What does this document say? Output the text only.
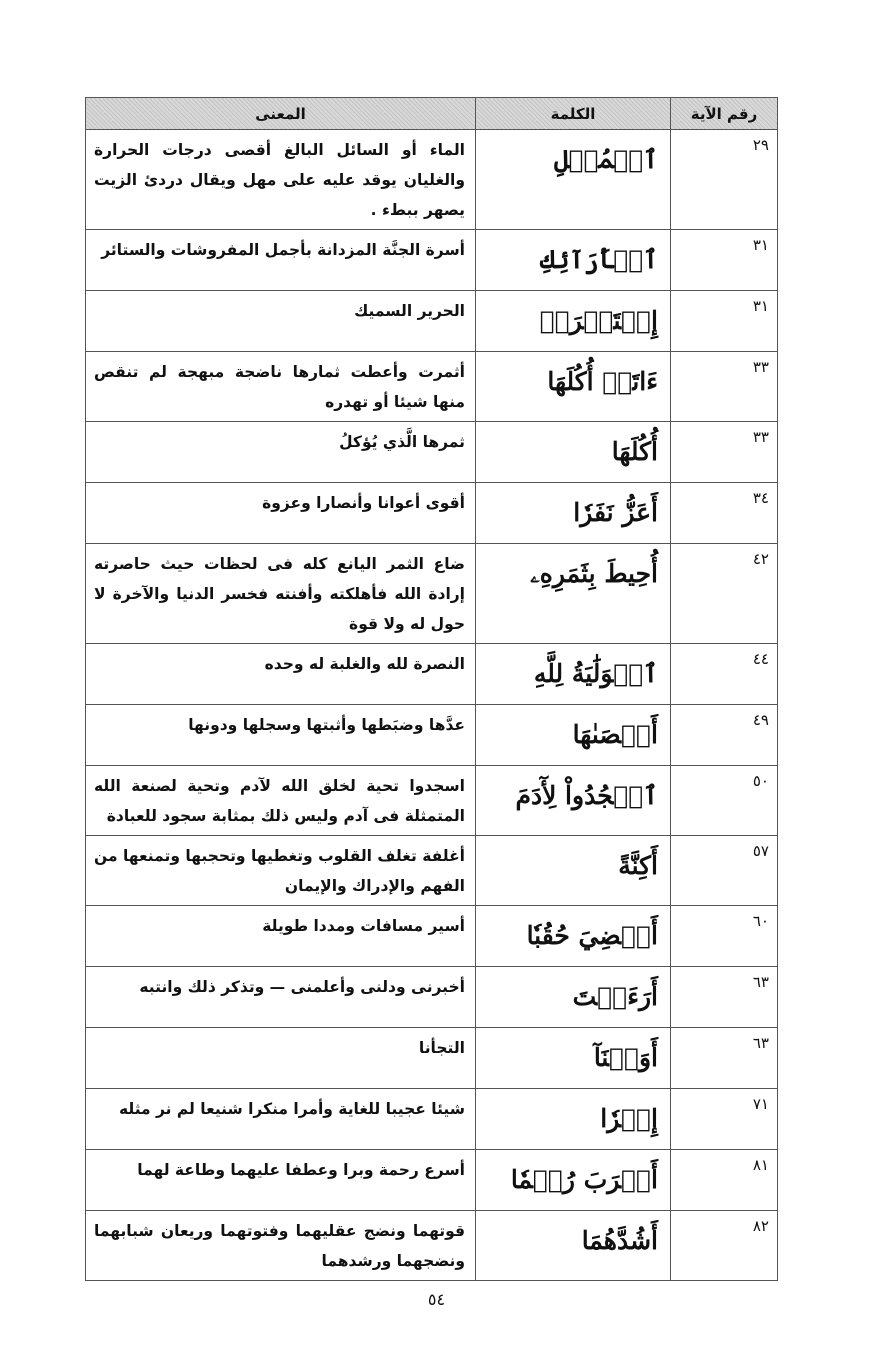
رقم الآية	الكلمة	المعنى
٢٩	ٱلۡمُهۡلِ	الماء أو السائل البالغ أقصى درجات الحرارة والغليان يوقد عليه على مهل ويقال دردئ الزيت يصهر ببطء .
٣١	ٱلۡأَرَآئِكِ	أسرة الجنَّة المزدانة بأجمل المفروشات والستائر
٣١	إِسۡتَبۡرَقٖ	الحرير السميك
٣٣	ءَاتَتۡ أُكُلَهَا	أثمرت وأعطت ثمارها ناضجة مبهجة لم تنقص منها شيئا أو تهدره
٣٣	أُكُلَهَا	ثمرها الَّذي يُؤكلُ
٣٤	أَعَزُّ نَفَرٗا	أقوى أعوانا وأنصارا وعزوة
٤٢	أُحِيطَ بِثَمَرِهِۦ	ضاع الثمر اليانع كله فى لحظات حيث حاصرته إرادة الله فأهلكته وأفنته فخسر الدنيا والآخرة لا حول له ولا قوة
٤٤	ٱلۡوَلَٰيَةُ لِلَّهِ	النصرة لله والغلبة له وحده
٤٩	أَحۡصَىٰهَا	عدَّها وضبَطها وأثبتها وسجلها ودونها
٥٠	ٱسۡجُدُواْ لِأٓدَمَ	اسجدوا تحية لخلق الله لآدم وتحية لصنعة الله المتمثلة فى آدم وليس ذلك بمثابة سجود للعبادة
٥٧	أَكِنَّةً	أغلفة تغلف القلوب وتغطيها وتحجبها وتمنعها من الفهم والإدراك والإيمان
٦٠	أَمۡضِيَ حُقُبٗا	أسير مسافات ومددا طويلة
٦٣	أَرَءَيۡتَ	أخبرنى ودلنى وأعلمنى — وتذكر ذلك وانتبه
٦٣	أَوَيۡنَآ	التجأنا
٧١	إِمۡرٗا	شيئا عجيبا للغاية وأمرا منكرا شنيعا لم نر مثله
٨١	أَقۡرَبَ رُحۡمٗا	أسرع رحمة وبرا وعطفا عليهما وطاعة لهما
٨٢	أَشُدَّهُمَا	قوتهما ونضج عقليهما وفتوتهما وريعان شبابهما ونضجهما ورشدهما
٥٤
